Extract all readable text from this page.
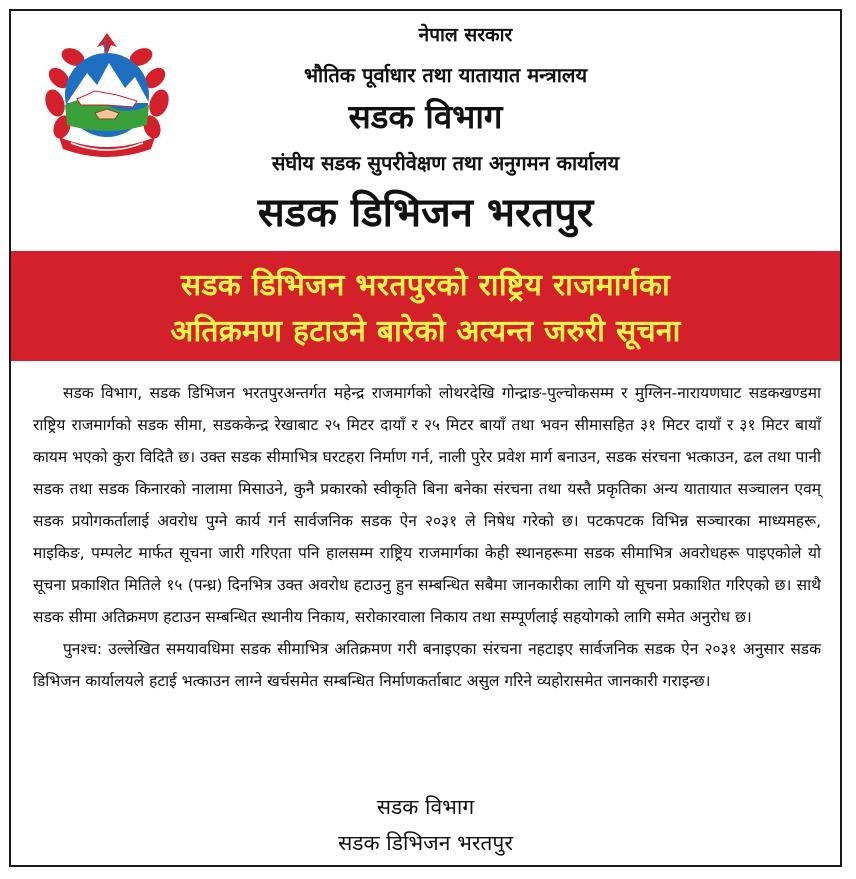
नेपाल सरकार
भौतिक पूर्वाधार तथा यातायात मन्त्रालय
सडक विभाग
संघीय सडक सुपरीवेक्षण तथा अनुगमन कार्यालय
सडक डिभिजन भरतपुर
सडक डिभिजन भरतपुरको राष्ट्रिय राजमार्गका
अतिक्रमण हटाउने बारेको अत्यन्त जरुरी सूचना

सडक विभाग, सडक डिभिजन भरतपुरअन्तर्गत महेन्द्र राजमार्गको लोथरदेखि गोन्द्राङ-पुल्चोकसम्म र मुग्लिन-नारायणघाट सडकखण्डमा राष्ट्रिय राजमार्गको सडक सीमा, सडककेन्द्र रेखाबाट २५ मिटर दायाँ र २५ मिटर बायाँ तथा भवन सीमासहित ३१ मिटर दायाँ र ३१ मिटर बायाँ कायम भएको कुरा विदितै छ। उक्त सडक सीमाभित्र घरटहरा निर्माण गर्न, नाली पुरेर प्रवेश मार्ग बनाउन, सडक संरचना भत्काउन, ढल तथा पानी सडक तथा सडक किनारको नालामा मिसाउने, कुनै प्रकारको स्वीकृति बिना बनेका संरचना तथा यस्तै प्रकृतिका अन्य यातायात सञ्चालन एवम् सडक प्रयोगकर्तालाई अवरोध पुग्ने कार्य गर्न सार्वजनिक सडक ऐन २०३१ ले निषेध गरेको छ। पटकपटक विभिन्न सञ्चारका माध्यमहरू, माइकिङ, पम्पलेट मार्फत सूचना जारी गरिएता पनि हालसम्म राष्ट्रिय राजमार्गका केही स्थानहरूमा सडक सीमाभित्र अवरोधहरू पाइएकोले यो सूचना प्रकाशित मितिले १५ (पन्ध्र) दिनभित्र उक्त अवरोध हटाउनु हुन सम्बन्धित सबैमा जानकारीका लागि यो सूचना प्रकाशित गरिएको छ। साथै सडक सीमा अतिक्रमण हटाउन सम्बन्धित स्थानीय निकाय, सरोकारवाला निकाय तथा सम्पूर्णलाई सहयोगको लागि समेत अनुरोध छ।

पुनश्च: उल्लेखित समयावधिमा सडक सीमाभित्र अतिक्रमण गरी बनाइएका संरचना नहटाइए सार्वजनिक सडक ऐन २०३१ अनुसार सडक डिभिजन कार्यालयले हटाई भत्काउन लाग्ने खर्चसमेत सम्बन्धित निर्माणकर्ताबाट असुल गरिने व्यहोरासमेत जानकारी गराइन्छ।

सडक विभाग
सडक डिभिजन भरतपुर
